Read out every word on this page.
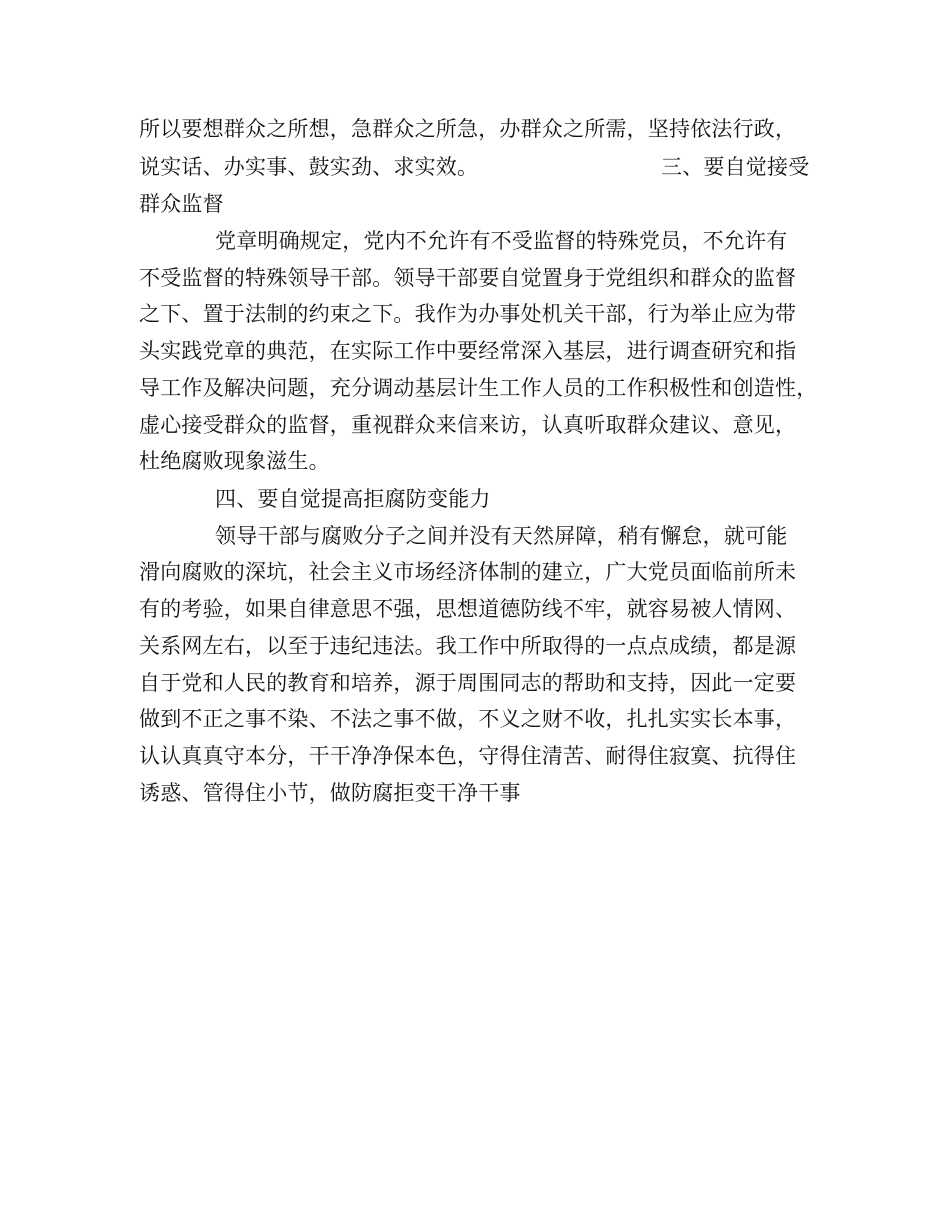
所以要想群众之所想，急群众之所急，办群众之所需，坚持依法行政，
说实话、办实事、鼓实劲、求实效。	三、要自觉接受
群众监督
党章明确规定，党内不允许有不受监督的特殊党员，不允许有
不受监督的特殊领导干部。领导干部要自觉置身于党组织和群众的监督
之下、置于法制的约束之下。我作为办事处机关干部，行为举止应为带
头实践党章的典范，在实际工作中要经常深入基层，进行调查研究和指
导工作及解决问题，充分调动基层计生工作人员的工作积极性和创造性，
虚心接受群众的监督，重视群众来信来访，认真听取群众建议、意见，
杜绝腐败现象滋生。
四、要自觉提高拒腐防变能力
领导干部与腐败分子之间并没有天然屏障，稍有懈怠，就可能
滑向腐败的深坑，社会主义市场经济体制的建立，广大党员面临前所未
有的考验，如果自律意思不强，思想道德防线不牢，就容易被人情网、
关系网左右，以至于违纪违法。我工作中所取得的一点点成绩，都是源
自于党和人民的教育和培养，源于周围同志的帮助和支持，因此一定要
做到不正之事不染、不法之事不做，不义之财不收，扎扎实实长本事，
认认真真守本分，干干净净保本色，守得住清苦、耐得住寂寞、抗得住
诱惑、管得住小节，做防腐拒变干净干事
